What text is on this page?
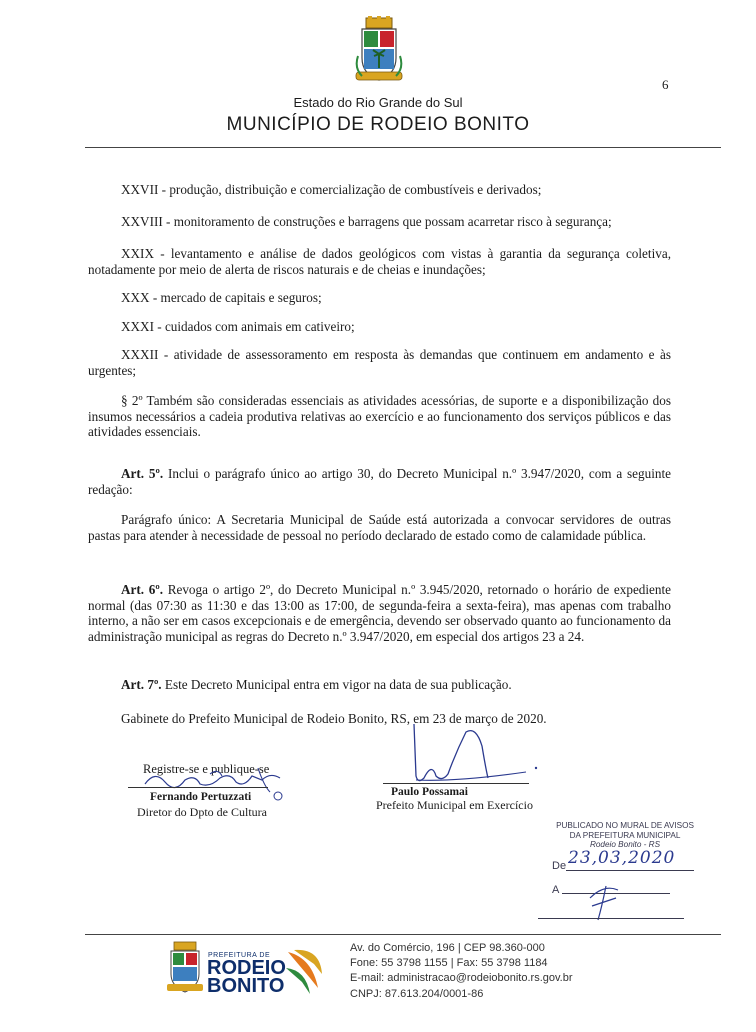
6
Estado do Rio Grande do Sul
MUNICÍPIO DE RODEIO BONITO
XXVII - produção, distribuição e comercialização de combustíveis e derivados;
XXVIII - monitoramento de construções e barragens que possam acarretar risco à segurança;
XXIX - levantamento e análise de dados geológicos com vistas à garantia da segurança coletiva, notadamente por meio de alerta de riscos naturais e de cheias e inundações;
XXX - mercado de capitais e seguros;
XXXI - cuidados com animais em cativeiro;
XXXII - atividade de assessoramento em resposta às demandas que continuem em andamento e às urgentes;
§ 2º Também são consideradas essenciais as atividades acessórias, de suporte e a disponibilização dos insumos necessários a cadeia produtiva relativas ao exercício e ao funcionamento dos serviços públicos e das atividades essenciais.
Art. 5º. Inclui o parágrafo único ao artigo 30, do Decreto Municipal n.º 3.947/2020, com a seguinte redação:
Parágrafo único: A Secretaria Municipal de Saúde está autorizada a convocar servidores de outras pastas para atender à necessidade de pessoal no período declarado de estado como de calamidade pública.
Art. 6º. Revoga o artigo 2º, do Decreto Municipal n.º 3.945/2020, retornado o horário de expediente normal (das 07:30 as 11:30 e das 13:00 as 17:00, de segunda-feira a sexta-feira), mas apenas com trabalho interno, a não ser em casos excepcionais e de emergência, devendo ser observado quanto ao funcionamento da administração municipal as regras do Decreto n.º 3.947/2020, em especial dos artigos 23 a 24.
Art. 7º. Este Decreto Municipal entra em vigor na data de sua publicação.
Gabinete do Prefeito Municipal de Rodeio Bonito, RS, em 23 de março de 2020.
Registre-se e publique-se
Fernando Pertuzzati
Diretor do Dpto de Cultura
Paulo Possamai
Prefeito Municipal em Exercício
PUBLICADO NO MURAL DE AVISOS
DA PREFEITURA MUNICIPAL
Rodeio Bonito - RS
De 23,03,2020
A
PREFEITURA DE
RODEIO
BONITO
Av. do Comércio, 196 | CEP 98.360-000
Fone: 55 3798 1155 | Fax: 55 3798 1184
E-mail: administracao@rodeiobonito.rs.gov.br
CNPJ: 87.613.204/0001-86
